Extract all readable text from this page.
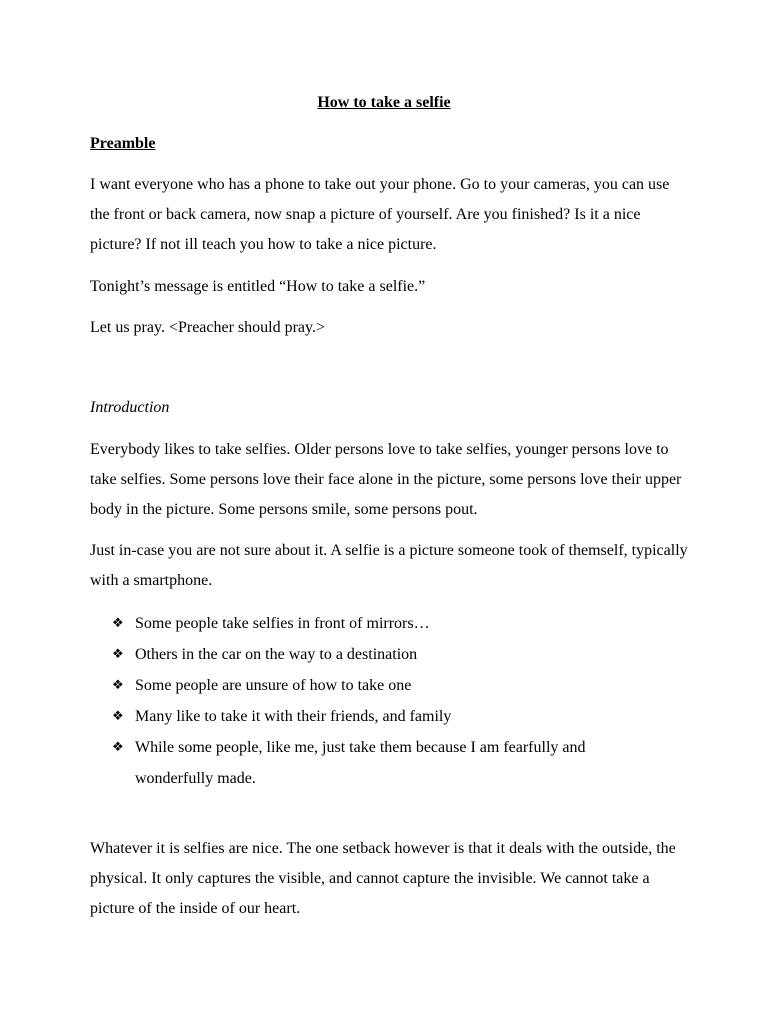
How to take a selfie
Preamble

I want everyone who has a phone to take out your phone. Go to your cameras, you can use the front or back camera, now snap a picture of yourself. Are you finished? Is it a nice picture? If not ill teach you how to take a nice picture.

Tonight’s message is entitled “How to take a selfie.”

Let us pray. <Preacher should pray.>

Introduction

Everybody likes to take selfies. Older persons love to take selfies, younger persons love to take selfies. Some persons love their face alone in the picture, some persons love their upper body in the picture. Some persons smile, some persons pout.

Just in-case you are not sure about it. A selfie is a picture someone took of themself, typically with a smartphone.

❖ Some people take selfies in front of mirrors…
❖ Others in the car on the way to a destination
❖ Some people are unsure of how to take one
❖ Many like to take it with their friends, and family
❖ While some people, like me, just take them because I am fearfully and wonderfully made.

Whatever it is selfies are nice. The one setback however is that it deals with the outside, the physical. It only captures the visible, and cannot capture the invisible. We cannot take a picture of the inside of our heart.
